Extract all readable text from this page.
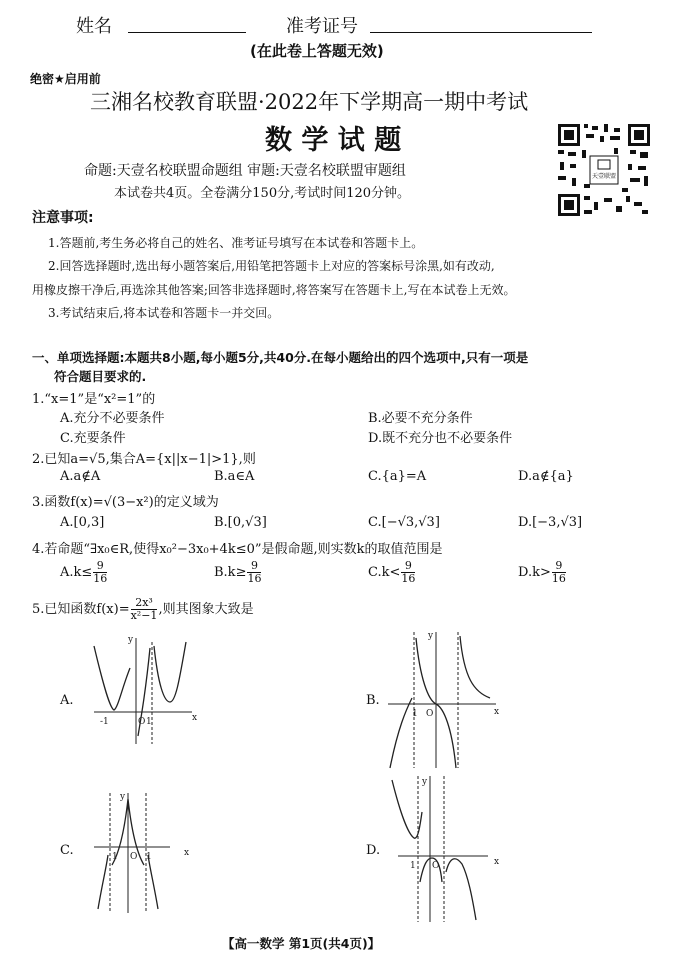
姓名	准考证号
(在此卷上答题无效)
绝密★启用前
三湘名校教育联盟·2022年下学期高一期中考试
数 学 试 题
命题:天壹名校联盟命题组 审题:天壹名校联盟审题组
本试卷共4页。全卷满分150分,考试时间120分钟。
天壹联盟
注意事项:
1.答题前,考生务必将自己的姓名、准考证号填写在本试卷和答题卡上。
2.回答选择题时,选出每小题答案后,用铅笔把答题卡上对应的答案标号涂黑,如有改动,
用橡皮擦干净后,再选涂其他答案;回答非选择题时,将答案写在答题卡上,写在本试卷上无效。
3.考试结束后,将本试卷和答题卡一并交回。
一、单项选择题:本题共8小题,每小题5分,共40分.在每小题给出的四个选项中,只有一项是
符合题目要求的.
1.“x=1”是“x²=1”的
A.充分不必要条件	B.必要不充分条件
C.充要条件	D.既不充分也不必要条件
2.已知a=√5,集合A={x||x−1|>1},则
A.a∉A	B.a∈A	C.{a}=A	D.a∉{a}
3.函数f(x)=√(3−x²)的定义域为
A.[0,3]	B.[0,√3]	C.[−√3,√3]	D.[−3,√3]
4.若命题“∃x₀∈R,使得x₀²−3x₀+4k≤0”是假命题,则实数k的取值范围是
$A.k\le \frac{9}{16}$	$B.k\ge \frac{9}{16}$	$C.k< \frac{9}{16}$	$D.k> \frac{9}{16}$
5.已知函数$f(x)= \frac{\text{2x³}}{\text{x²−1}}$ ,则其图象大致是
A.	B.
C.	D.
x
y
O 1
-1
x
y
O
1
x
y
O
1	1	x
y
O
1
【高一数学 第1页(共4页)】
